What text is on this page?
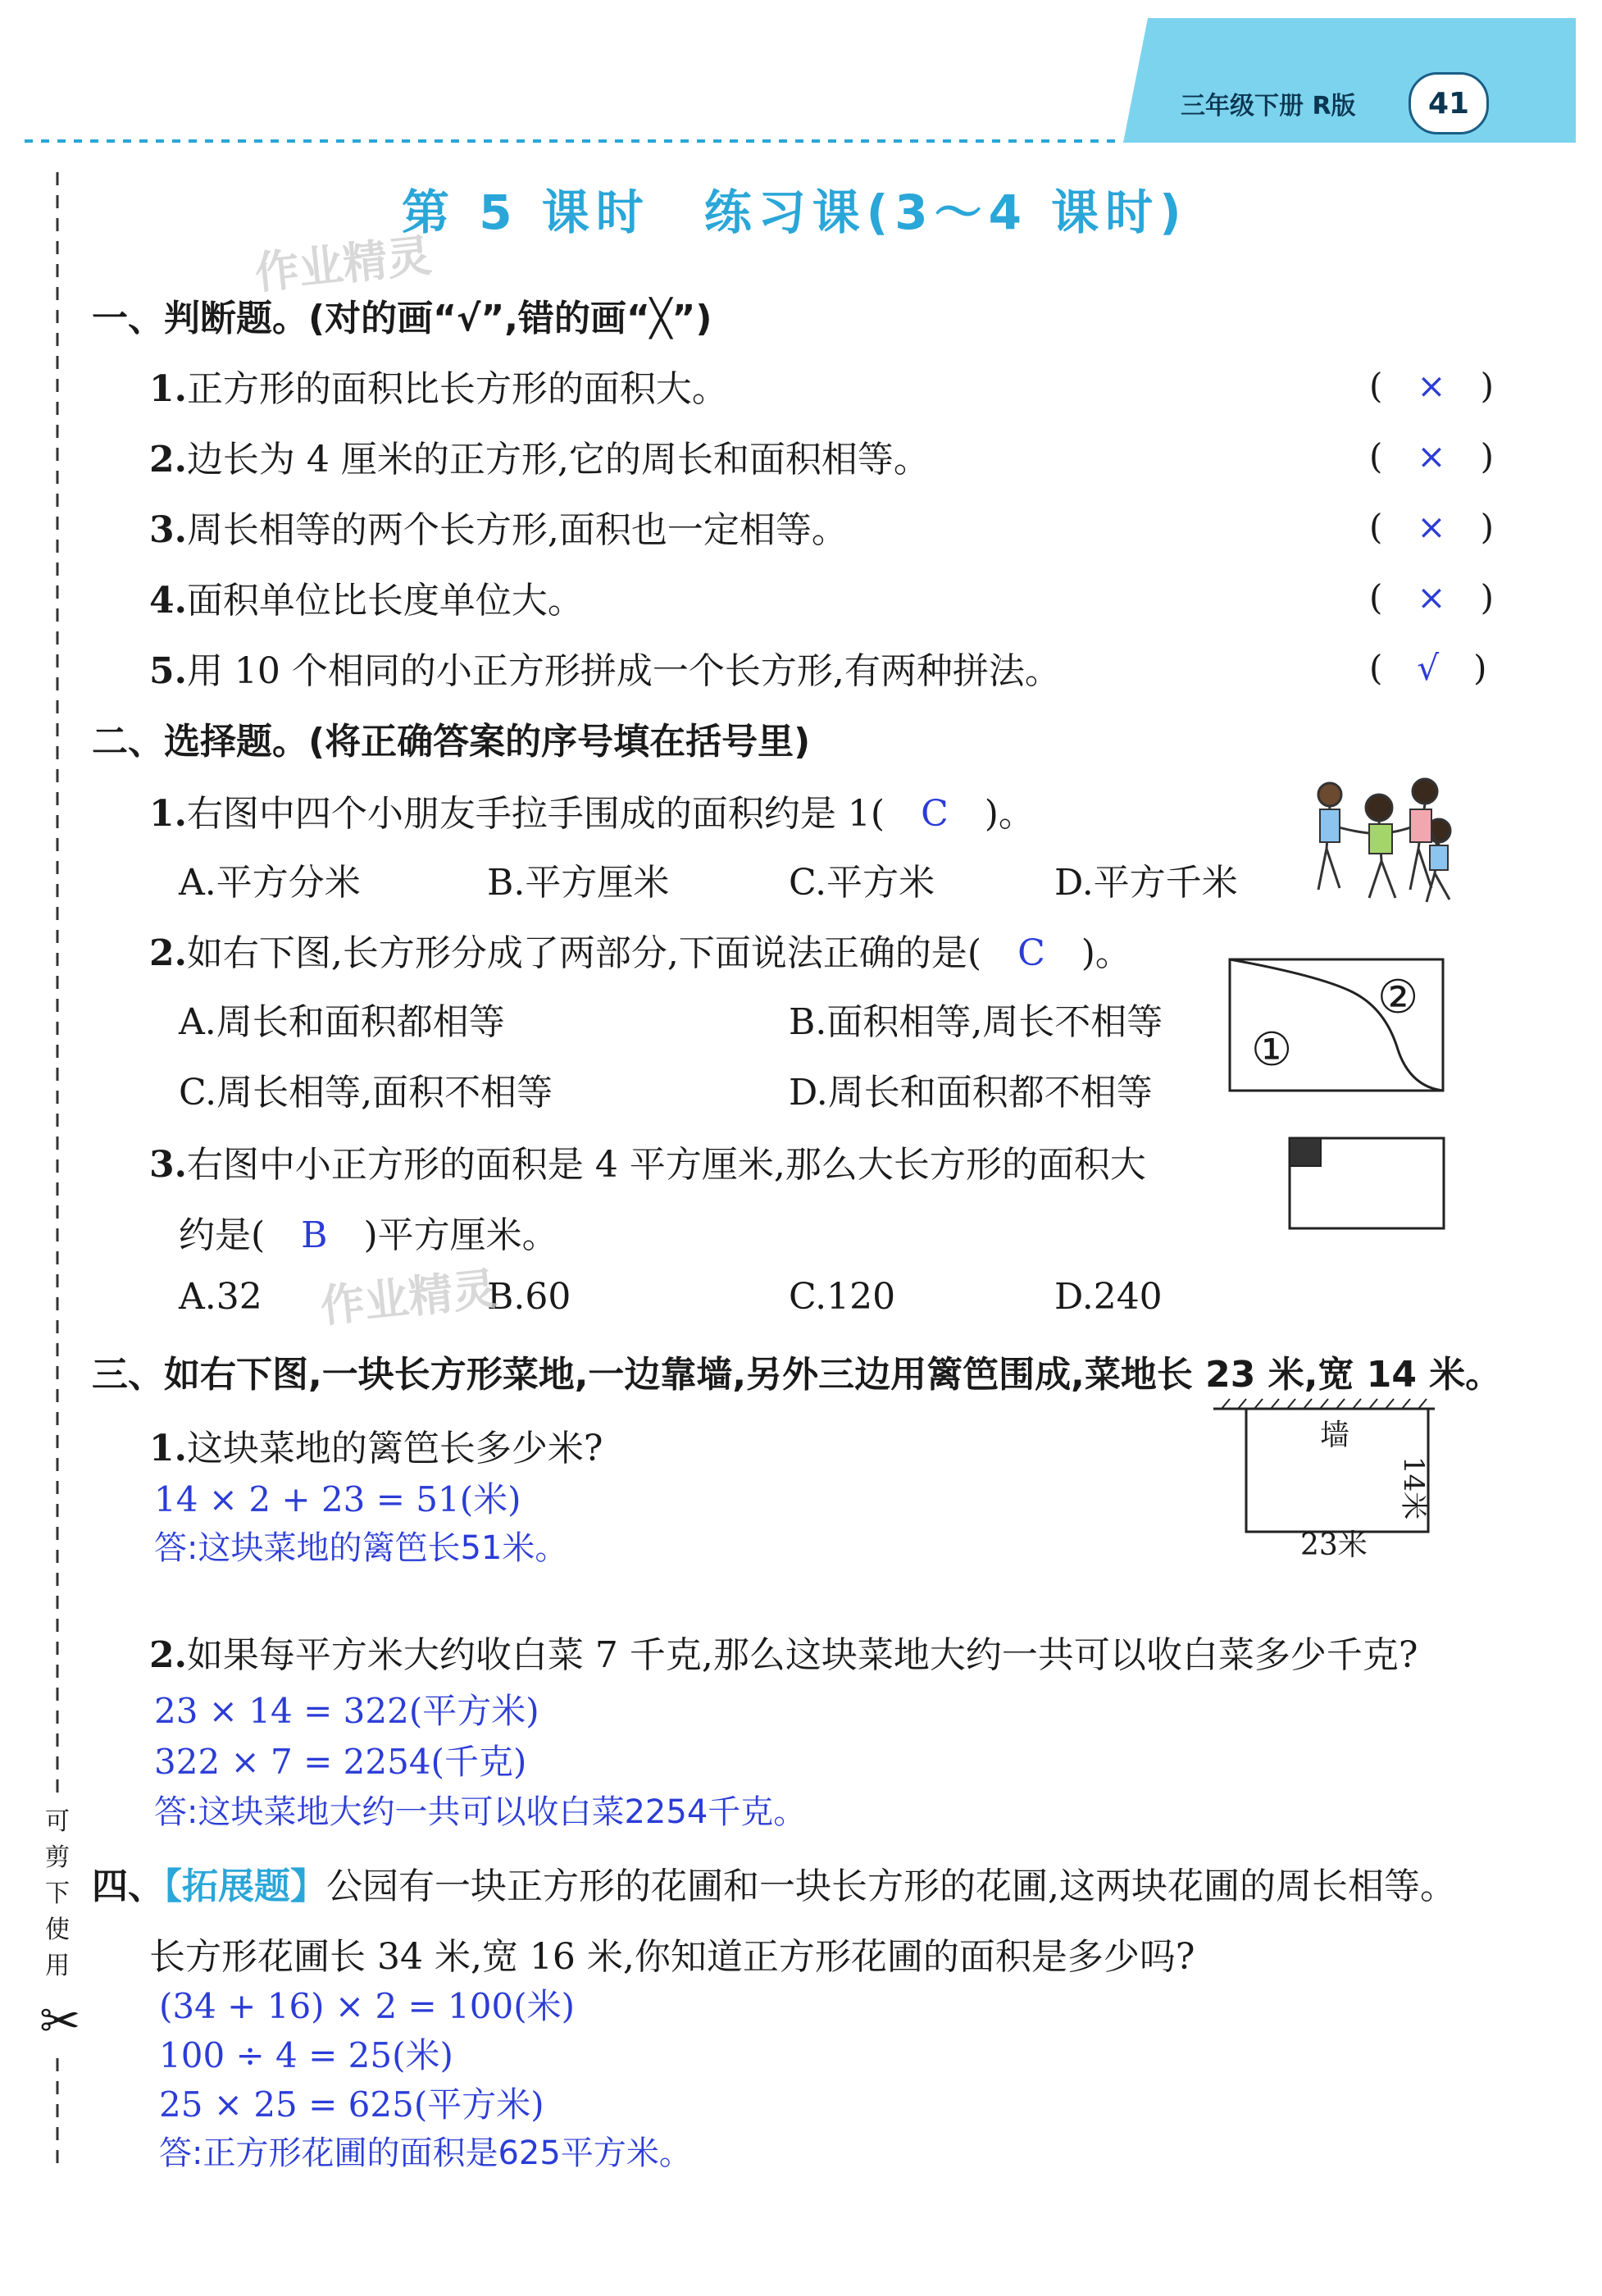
三年级下册 R版	41
可剪下使用
✂
第 5 课时　练习课(3～4 课时)
作业精灵
一、判断题。(对的画“√”,错的画“╳”)
1.正方形的面积比长方形的面积大。	(　×　)
2.边长为 4 厘米的正方形,它的周长和面积相等。	(　×　)
3.周长相等的两个长方形,面积也一定相等。	(　×　)
4.面积单位比长度单位大。	(　×　)
5.用 10 个相同的小正方形拼成一个长方形,有两种拼法。	(　√　)
二、选择题。(将正确答案的序号填在括号里)
1.右图中四个小朋友手拉手围成的面积约是 1(　 C　 )。
A.平方分米	B.平方厘米	C.平方米	D.平方千米
2.如右下图,长方形分成了两部分,下面说法正确的是(　 C　 )。
A.周长和面积都相等	B.面积相等,周长不相等
C.周长相等,面积不相等	D.周长和面积都不相等
①
②
3.右图中小正方形的面积是 4 平方厘米,那么大长方形的面积大
约是(　 B　 )平方厘米。
A.32	B.60	C.120	D.240
作业精灵
三、如右下图,一块长方形菜地,一边靠墙,另外三边用篱笆围成,菜地长 23 米,宽 14 米。
墙
14米
23米
1.这块菜地的篱笆长多少米?
14 × 2 + 23 = 51(米)
答:这块菜地的篱笆长51米。
2.如果每平方米大约收白菜 7 千克,那么这块菜地大约一共可以收白菜多少千克?
23 × 14 = 322(平方米)
322 × 7 = 2254(千克)
答:这块菜地大约一共可以收白菜2254千克。
四、【拓展题】公园有一块正方形的花圃和一块长方形的花圃,这两块花圃的周长相等。
长方形花圃长 34 米,宽 16 米,你知道正方形花圃的面积是多少吗?
(34 + 16) × 2 = 100(米)
100 ÷ 4 = 25(米)
25 × 25 = 625(平方米)
答:正方形花圃的面积是625平方米。
